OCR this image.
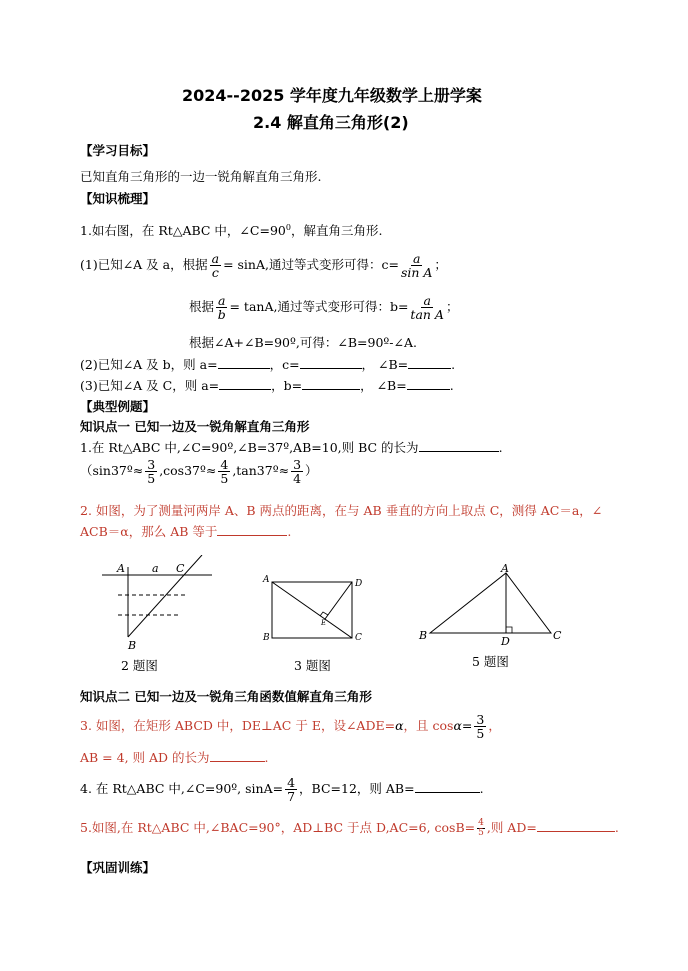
2024--2025 学年度九年级数学上册学案
2.4 解直角三角形(2)
【学习目标】
已知直角三角形的一边一锐角解直角三角形.
【知识梳理】
1.如右图，在 Rt△ABC 中，$\angle C=90^0$，解直角三角形.
(1)已知∠A 及 a，根据 $\frac{a}{c} = \sin A$,通过等式变形可得：$c= \frac{a}{\text{sin A}}$ ；
根据 $\frac{a}{b} = \tan A$,通过等式变形可得：$b= \frac{a}{\text{tan A}}$ ；
根据∠A+∠B=90º,可得：∠B=90º-∠A.
(2)已知∠A 及 b，则 a=	，c=	， ∠B=	.
(3)已知∠A 及 C，则 a=	，b=	， ∠B=	.
【典型例题】
知识点一 已知一边及一锐角解直角三角形
1.在 Rt△ABC 中,∠C=90º,∠B=37º,AB=10,则 BC 的长为	.
（sin37º≈ $\frac{3}{5}$ ,cos37º≈ $\frac{4}{5}$ ,tan37º≈ $\frac{3}{4}$ ）
2. 如图，为了测量河两岸 A、B 两点的距离，在与 AB 垂直的方向上取点 C，测得 AC＝a，∠
ACB＝α，那么 AB 等于	.
A a C
B
2 题图
A	D
B	C
E
3 题图
A
B	C
D
5 题图
知识点二 已知一边及一锐角三角函数值解直角三角形
3. 如图，在矩形 ABCD 中，DE⊥AC 于 E，设∠ADE=α，且 $\cos\alpha= \frac{3}{5}$ ，
AB = 4, 则 AD 的长为	.
4. 在 Rt△ABC 中,∠C=90º, $\sin A= \frac{4}{7}$ ，BC=12，则 AB=	.
5.如图,在 Rt△ABC 中,∠BAC=90°，AD⊥BC 于点 D,AC=6, $\cos B= \frac{4}{5}$ ,则 AD=	.
【巩固训练】
